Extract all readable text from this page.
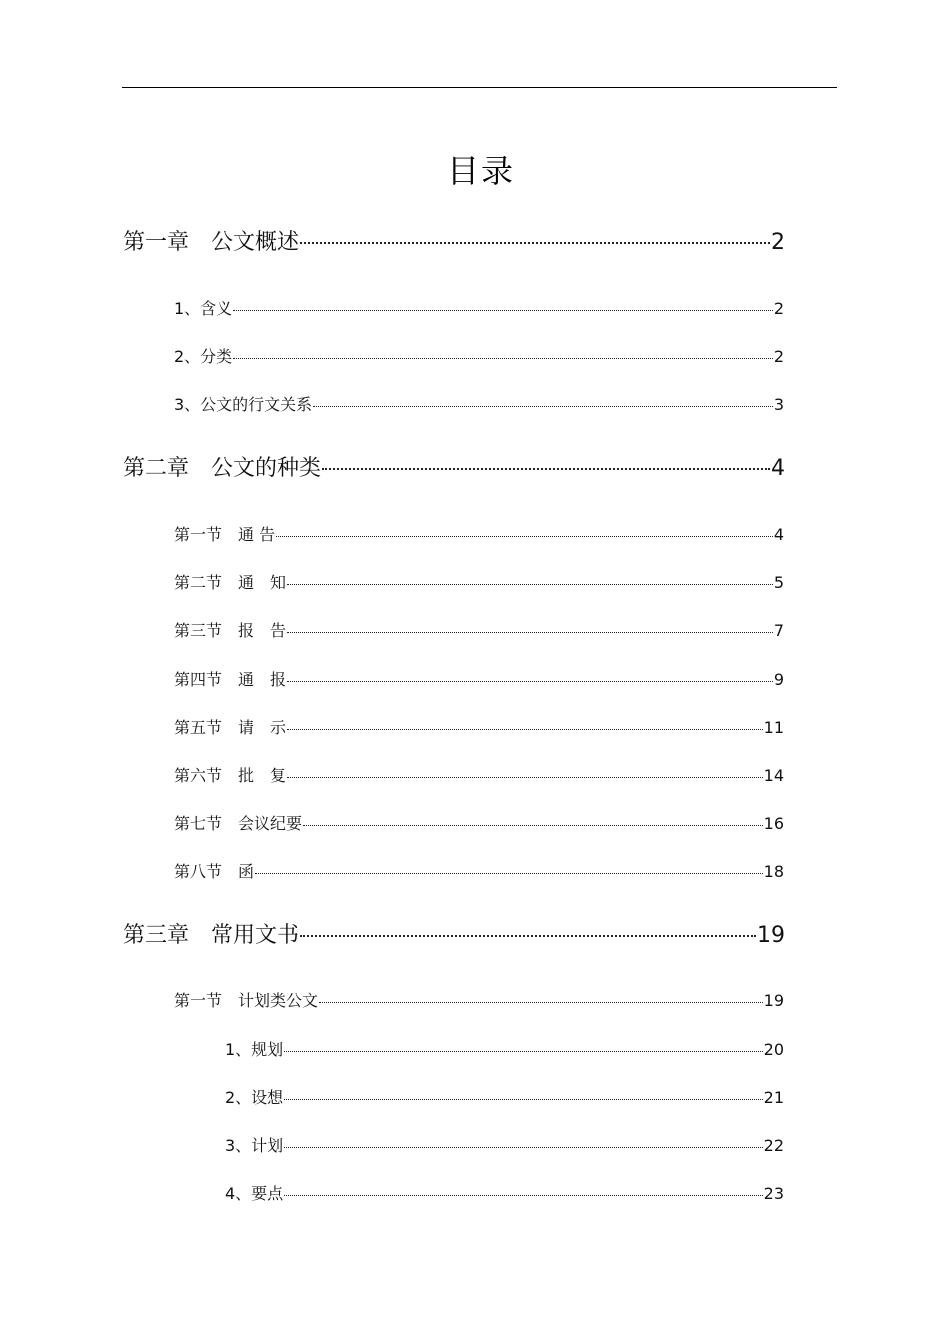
目录
第一章　公文概述	2
1、含义	2
2、分类	2
3、公文的行文关系	3
第二章　公文的种类	4
第一节　通 告	4
第二节　通　知	5
第三节　报　告	7
第四节　通　报	9
第五节　请　示	11
第六节　批　复	14
第七节　会议纪要	16
第八节　函	18
第三章　常用文书	19
第一节　计划类公文	19
1、规划	20
2、设想	21
3、计划	22
4、要点	23
